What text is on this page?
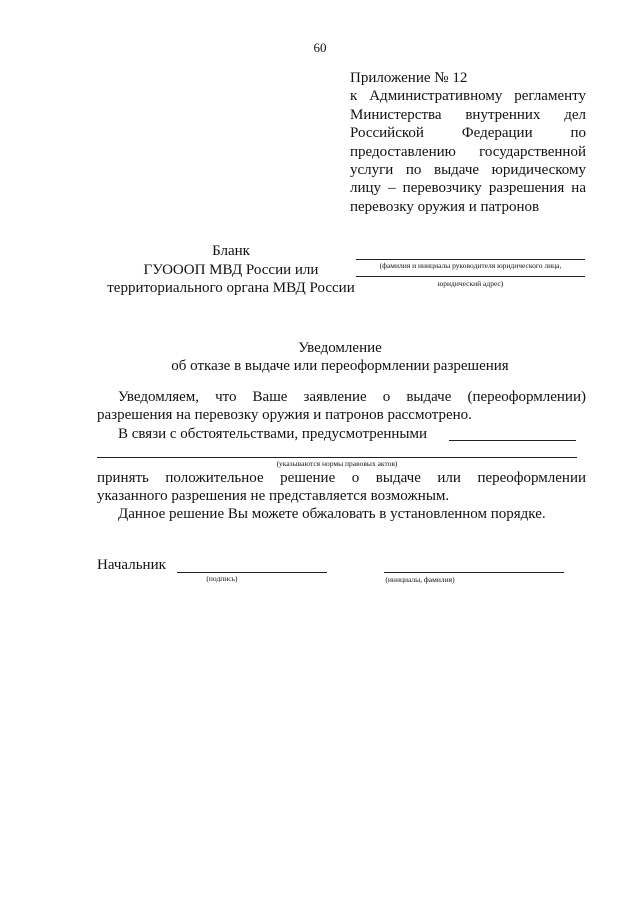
60
Приложение № 12
к Административному регламенту
Министерства внутренних дел
Российской Федерации по
предоставлению государственной
услуги по выдаче юридическому
лицу – перевозчику разрешения на
перевозку оружия и патронов
Бланк
ГУОООП МВД России или
территориального органа МВД России
(фамилия и инициалы руководителя юридического лица,
юридический адрес)
Уведомление
об отказе в выдаче или переоформлении разрешения
Уведомляем, что Ваше заявление о выдаче (переоформлении)
разрешения на перевозку оружия и патронов рассмотрено.
В связи с обстоятельствами, предусмотренными
(указываются нормы правовых актов)
принять положительное решение о выдаче или переоформлении
указанного разрешения не представляется возможным.
Данное решение Вы можете обжаловать в установленном порядке.
Начальник
(подпись)	(инициалы, фамилия)
